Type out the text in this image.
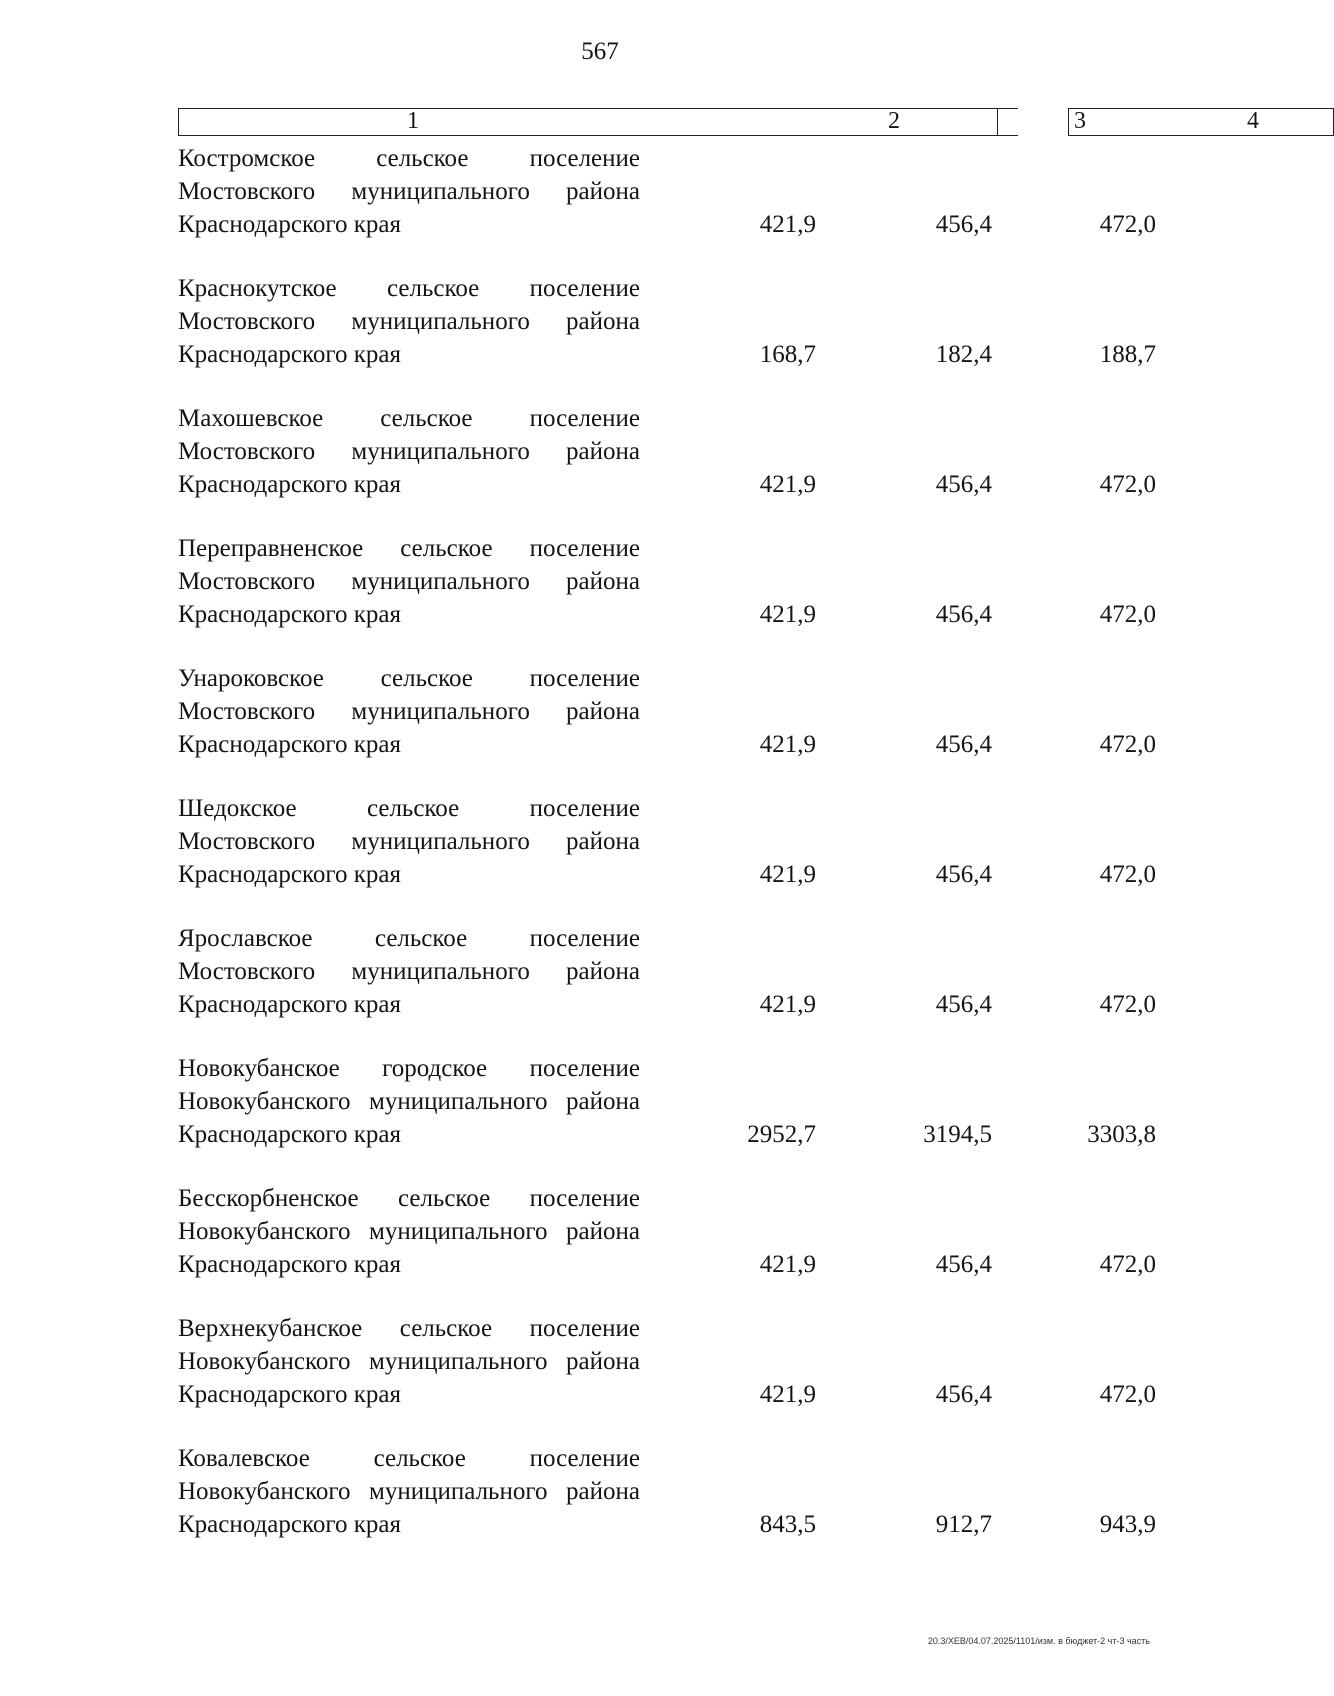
567
1	2	3	4
Костромское сельское поселение Мостовского муниципального района Краснодарского края	421,9	456,4	472,0
Краснокутское сельское поселение Мостовского муниципального района Краснодарского края	168,7	182,4	188,7
Махошевское сельское поселение Мостовского муниципального района Краснодарского края	421,9	456,4	472,0
Переправненское сельское поселение Мостовского муниципального района Краснодарского края	421,9	456,4	472,0
Унароковское сельское поселение Мостовского муниципального района Краснодарского края	421,9	456,4	472,0
Шедокское сельское поселение Мостовского муниципального района Краснодарского края	421,9	456,4	472,0
Ярославское сельское поселение Мостовского муниципального района Краснодарского края	421,9	456,4	472,0
Новокубанское городское поселение Новокубанского муниципального района Краснодарского края	2952,7	3194,5	3303,8
Бесскорбненское сельское поселение Новокубанского муниципального района Краснодарского края	421,9	456,4	472,0
Верхнекубанское сельское поселение Новокубанского муниципального района Краснодарского края	421,9	456,4	472,0
Ковалевское сельское поселение Новокубанского муниципального района Краснодарского края	843,5	912,7	943,9
20.3/XEB/04.07.2025/1101/изм. в бюджет-2 чт-3 часть
